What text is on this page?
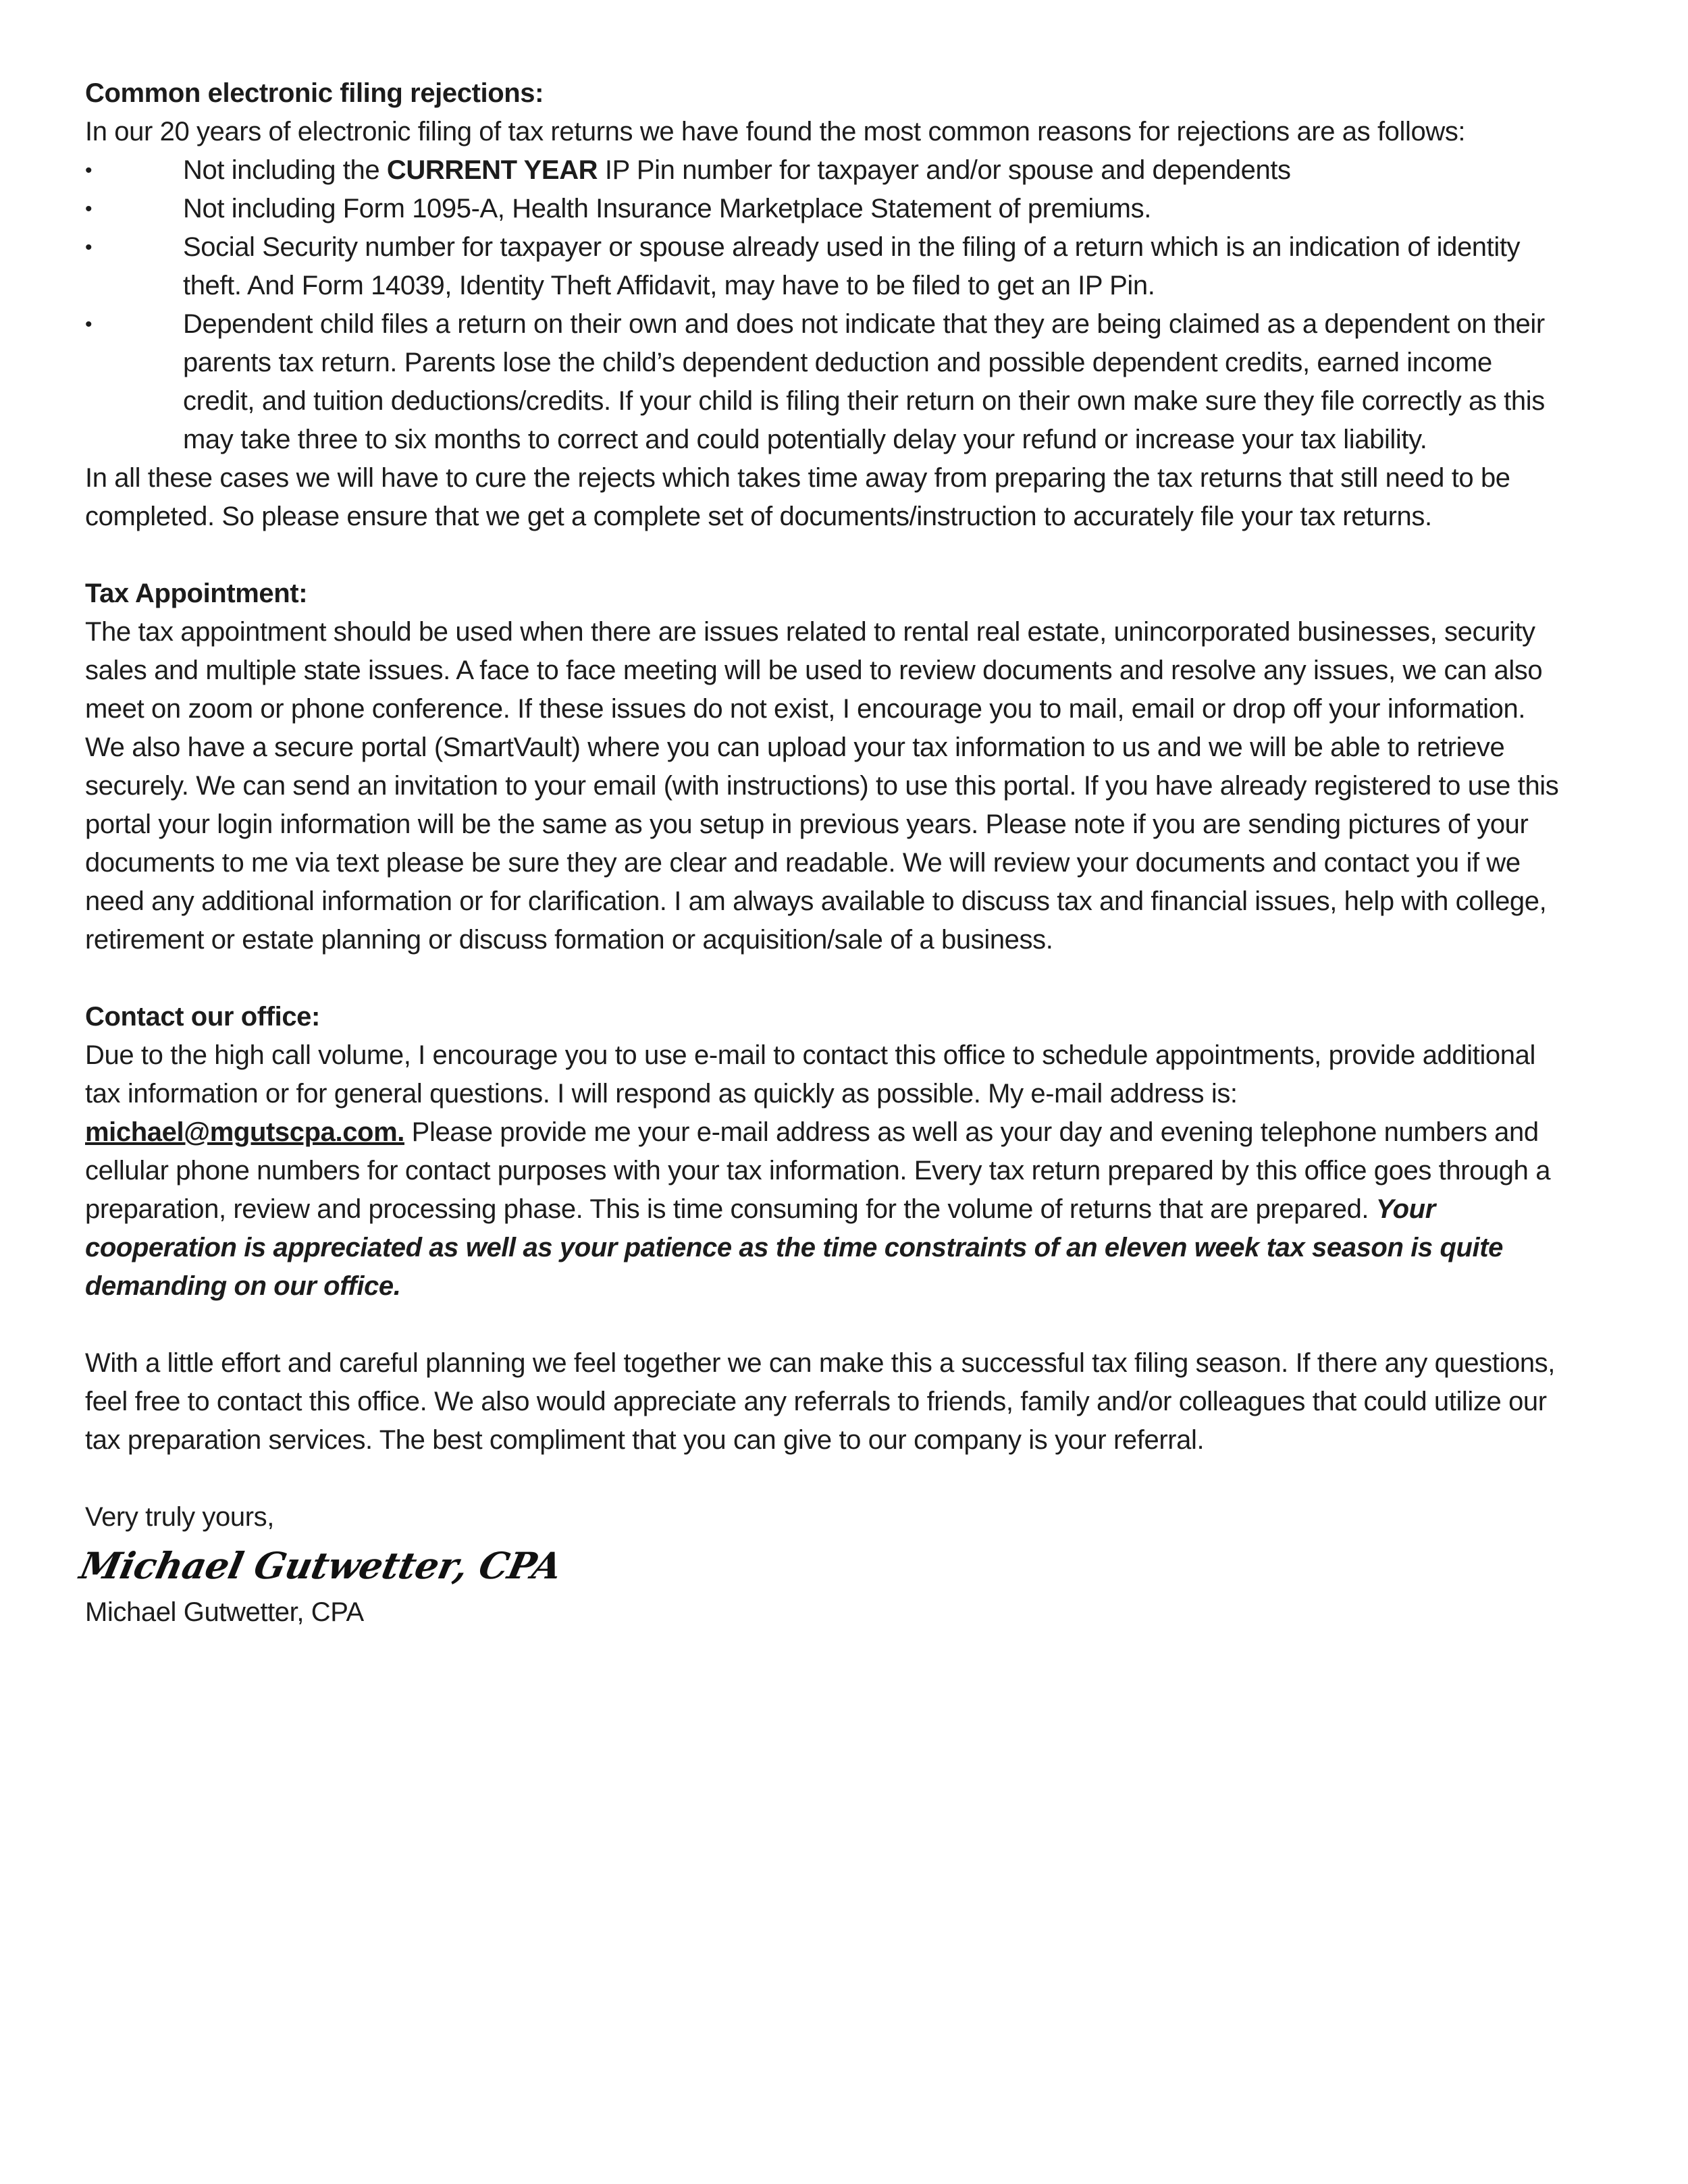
Common electronic filing rejections:

In our 20 years of electronic filing of tax returns we have found the most common reasons for rejections are as follows:

•	Not including the CURRENT YEAR IP Pin number for taxpayer and/or spouse and dependents
•	Not including Form 1095-A, Health Insurance Marketplace Statement of premiums.
•	Social Security number for taxpayer or spouse already used in the filing of a return which is an indication of identity theft. And Form 14039, Identity Theft Affidavit, may have to be filed to get an IP Pin.
•	Dependent child files a return on their own and does not indicate that they are being claimed as a dependent on their parents tax return. Parents lose the child’s dependent deduction and possible dependent credits, earned income credit, and tuition deductions/credits. If your child is filing their return on their own make sure they file correctly as this may take three to six months to correct and could potentially delay your refund or increase your tax liability.

In all these cases we will have to cure the rejects which takes time away from preparing the tax returns that still need to be completed. So please ensure that we get a complete set of documents/instruction to accurately file your tax returns.

Tax Appointment:

The tax appointment should be used when there are issues related to rental real estate, unincorporated businesses, security sales and multiple state issues. A face to face meeting will be used to review documents and resolve any issues, we can also meet on zoom or phone conference. If these issues do not exist, I encourage you to mail, email or drop off your information. We also have a secure portal (SmartVault) where you can upload your tax information to us and we will be able to retrieve securely. We can send an invitation to your email (with instructions) to use this portal. If you have already registered to use this portal your login information will be the same as you setup in previous years. Please note if you are sending pictures of your documents to me via text please be sure they are clear and readable. We will review your documents and contact you if we need any additional information or for clarification. I am always available to discuss tax and financial issues, help with college, retirement or estate planning or discuss formation or acquisition/sale of a business.

Contact our office:

Due to the high call volume, I encourage you to use e-mail to contact this office to schedule appointments, provide additional tax information or for general questions. I will respond as quickly as possible. My e-mail address is: michael@mgutscpa.com. Please provide me your e-mail address as well as your day and evening telephone numbers and cellular phone numbers for contact purposes with your tax information. Every tax return prepared by this office goes through a preparation, review and processing phase. This is time consuming for the volume of returns that are prepared. Your cooperation is appreciated as well as your patience as the time constraints of an eleven week tax season is quite demanding on our office.

With a little effort and careful planning we feel together we can make this a successful tax filing season. If there any questions, feel free to contact this office. We also would appreciate any referrals to friends, family and/or colleagues that could utilize our tax preparation services. The best compliment that you can give to our company is your referral.

Very truly yours,

Michael Gutwetter, CPA

Michael Gutwetter, CPA
